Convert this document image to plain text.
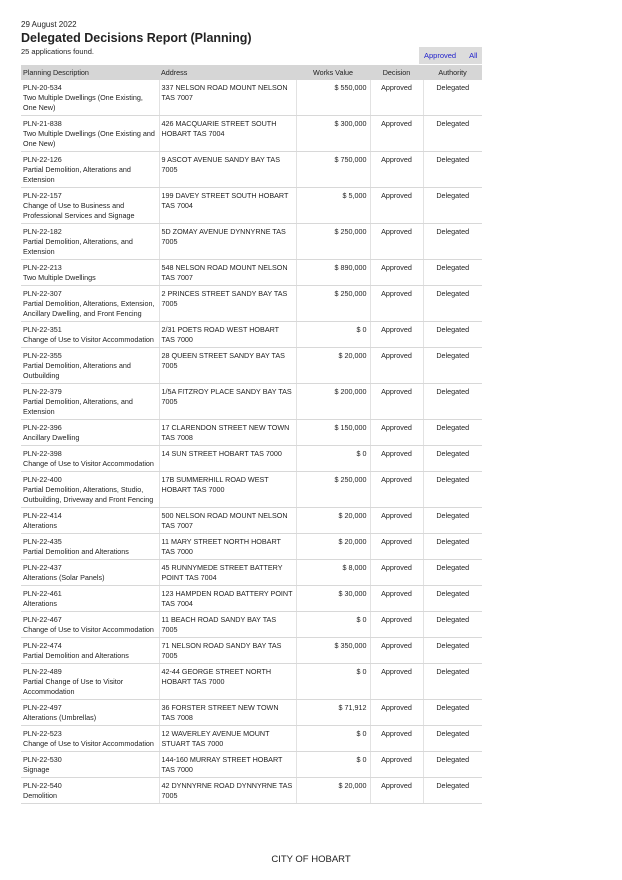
29 August 2022
Delegated Decisions Report (Planning)
25 applications found.	Approved All
Planning Description	Address	Works Value	Decision	Authority

PLN-20-534
Two Multiple Dwellings (One Existing, One New)	337 NELSON ROAD MOUNT NELSON TAS 7007	$ 550,000	Approved	Delegated

PLN-21-838
Two Multiple Dwellings (One Existing and One New)	426 MACQUARIE STREET SOUTH HOBART TAS 7004	$ 300,000	Approved	Delegated

PLN-22-126
Partial Demolition, Alterations and Extension	9 ASCOT AVENUE SANDY BAY TAS 7005	$ 750,000	Approved	Delegated

PLN-22-157
Change of Use to Business and Professional Services and Signage	199 DAVEY STREET SOUTH HOBART TAS 7004	$ 5,000	Approved	Delegated

PLN-22-182
Partial Demolition, Alterations, and Extension	5D ZOMAY AVENUE DYNNYRNE TAS 7005	$ 250,000	Approved	Delegated

PLN-22-213
Two Multiple Dwellings	548 NELSON ROAD MOUNT NELSON TAS 7007	$ 890,000	Approved	Delegated

PLN-22-307
Partial Demolition, Alterations, Extension, Ancillary Dwelling, and Front Fencing	2 PRINCES STREET SANDY BAY TAS 7005	$ 250,000	Approved	Delegated

PLN-22-351
Change of Use to Visitor Accommodation	2/31 POETS ROAD WEST HOBART TAS 7000	$ 0	Approved	Delegated

PLN-22-355
Partial Demolition, Alterations and Outbuilding	28 QUEEN STREET SANDY BAY TAS 7005	$ 20,000	Approved	Delegated

PLN-22-379
Partial Demolition, Alterations, and Extension	1/5A FITZROY PLACE SANDY BAY TAS 7005	$ 200,000	Approved	Delegated

PLN-22-396
Ancillary Dwelling	17 CLARENDON STREET NEW TOWN TAS 7008	$ 150,000	Approved	Delegated

PLN-22-398
Change of Use to Visitor Accommodation	14 SUN STREET HOBART TAS 7000	$ 0	Approved	Delegated

PLN-22-400
Partial Demolition, Alterations, Studio, Outbuilding, Driveway and Front Fencing	17B SUMMERHILL ROAD WEST HOBART TAS 7000	$ 250,000	Approved	Delegated

PLN-22-414
Alterations	500 NELSON ROAD MOUNT NELSON TAS 7007	$ 20,000	Approved	Delegated

PLN-22-435
Partial Demolition and Alterations	11 MARY STREET NORTH HOBART TAS 7000	$ 20,000	Approved	Delegated

PLN-22-437
Alterations (Solar Panels)	45 RUNNYMEDE STREET BATTERY POINT TAS 7004	$ 8,000	Approved	Delegated

PLN-22-461
Alterations	123 HAMPDEN ROAD BATTERY POINT TAS 7004	$ 30,000	Approved	Delegated

PLN-22-467
Change of Use to Visitor Accommodation	11 BEACH ROAD SANDY BAY TAS 7005	$ 0	Approved	Delegated

PLN-22-474
Partial Demolition and Alterations	71 NELSON ROAD SANDY BAY TAS 7005	$ 350,000	Approved	Delegated

PLN-22-489
Partial Change of Use to Visitor Accommodation	42-44 GEORGE STREET NORTH HOBART TAS 7000	$ 0	Approved	Delegated

PLN-22-497
Alterations (Umbrellas)	36 FORSTER STREET NEW TOWN TAS 7008	$ 71,912	Approved	Delegated

PLN-22-523
Change of Use to Visitor Accommodation	12 WAVERLEY AVENUE MOUNT STUART TAS 7000	$ 0	Approved	Delegated

PLN-22-530
Signage	144-160 MURRAY STREET HOBART TAS 7000	$ 0	Approved	Delegated

PLN-22-540
Demolition	42 DYNNYRNE ROAD DYNNYRNE TAS 7005	$ 20,000	Approved	Delegated
CITY OF HOBART
